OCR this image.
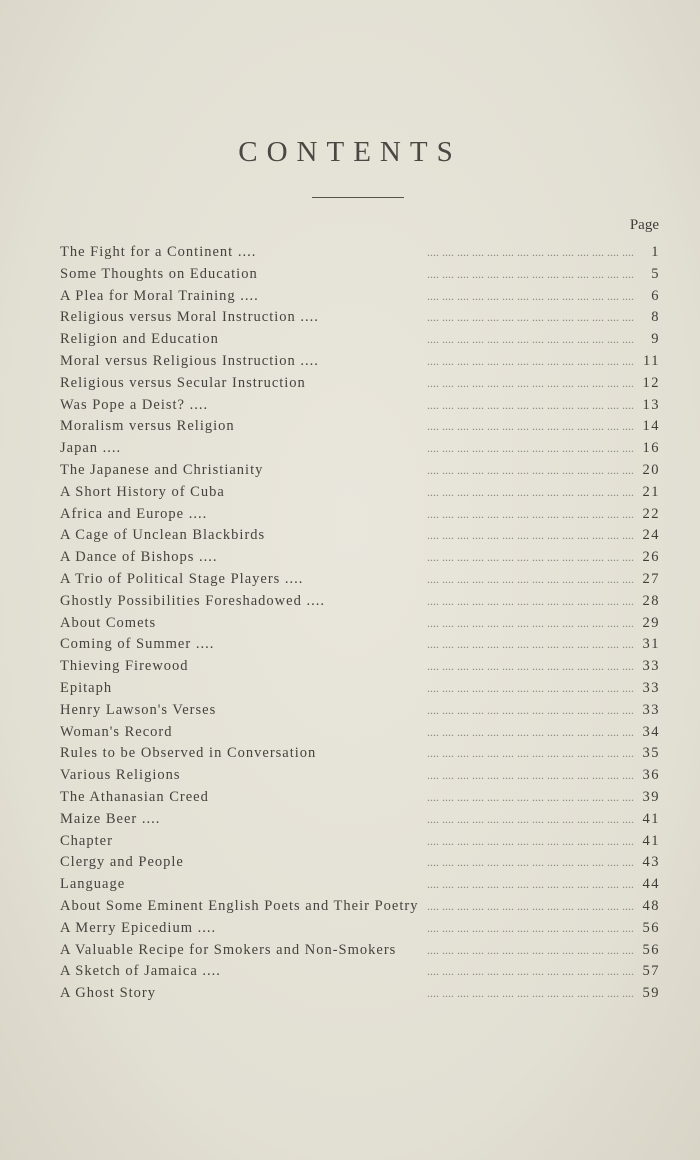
CONTENTS
Page
.... .... .... .... .... .... .... .... .... .... .... .... .... ....
The Fight for a Continent ....	1
.... .... .... .... .... .... .... .... .... .... .... .... .... ....
Some Thoughts on Education	5
.... .... .... .... .... .... .... .... .... .... .... .... .... ....
A Plea for Moral Training ....	6
.... .... .... .... .... .... .... .... .... .... .... .... .... ....
Religious versus Moral Instruction ....	8
.... .... .... .... .... .... .... .... .... .... .... .... .... ....
Religion and Education	9
.... .... .... .... .... .... .... .... .... .... .... .... .... ....
Moral versus Religious Instruction ....	11
.... .... .... .... .... .... .... .... .... .... .... .... .... ....
Religious versus Secular Instruction	12
.... .... .... .... .... .... .... .... .... .... .... .... .... ....
Was Pope a Deist? ....	13
.... .... .... .... .... .... .... .... .... .... .... .... .... ....
Moralism versus Religion	14
.... .... .... .... .... .... .... .... .... .... .... .... .... ....
Japan ....	16
.... .... .... .... .... .... .... .... .... .... .... .... .... ....
The Japanese and Christianity	20
.... .... .... .... .... .... .... .... .... .... .... .... .... ....
A Short History of Cuba	21
.... .... .... .... .... .... .... .... .... .... .... .... .... ....
Africa and Europe ....	22
.... .... .... .... .... .... .... .... .... .... .... .... .... ....
A Cage of Unclean Blackbirds	24
.... .... .... .... .... .... .... .... .... .... .... .... .... ....
A Dance of Bishops ....	26
.... .... .... .... .... .... .... .... .... .... .... .... .... ....
A Trio of Political Stage Players ....	27
.... .... .... .... .... .... .... .... .... .... .... .... .... ....
Ghostly Possibilities Foreshadowed ....	28
.... .... .... .... .... .... .... .... .... .... .... .... .... ....
About Comets	29
.... .... .... .... .... .... .... .... .... .... .... .... .... ....
Coming of Summer ....	31
.... .... .... .... .... .... .... .... .... .... .... .... .... ....
Thieving Firewood	33
.... .... .... .... .... .... .... .... .... .... .... .... .... ....
Epitaph	33
.... .... .... .... .... .... .... .... .... .... .... .... .... ....
Henry Lawson's Verses	33
.... .... .... .... .... .... .... .... .... .... .... .... .... ....
Woman's Record	34
.... .... .... .... .... .... .... .... .... .... .... .... .... ....
Rules to be Observed in Conversation	35
.... .... .... .... .... .... .... .... .... .... .... .... .... ....
Various Religions	36
.... .... .... .... .... .... .... .... .... .... .... .... .... ....
The Athanasian Creed	39
.... .... .... .... .... .... .... .... .... .... .... .... .... ....
Maize Beer ....	41
.... .... .... .... .... .... .... .... .... .... .... .... .... ....
Chapter	41
.... .... .... .... .... .... .... .... .... .... .... .... .... ....
Clergy and People	43
.... .... .... .... .... .... .... .... .... .... .... .... .... ....
Language	44
.... .... .... .... .... .... .... .... .... .... .... .... .... ....
About Some Eminent English Poets and Their Poetry	48
.... .... .... .... .... .... .... .... .... .... .... .... .... ....
A Merry Epicedium ....	56
.... .... .... .... .... .... .... .... .... .... .... .... .... ....
A Valuable Recipe for Smokers and Non-Smokers	56
.... .... .... .... .... .... .... .... .... .... .... .... .... ....
A Sketch of Jamaica ....	57
.... .... .... .... .... .... .... .... .... .... .... .... .... ....
A Ghost Story	59
